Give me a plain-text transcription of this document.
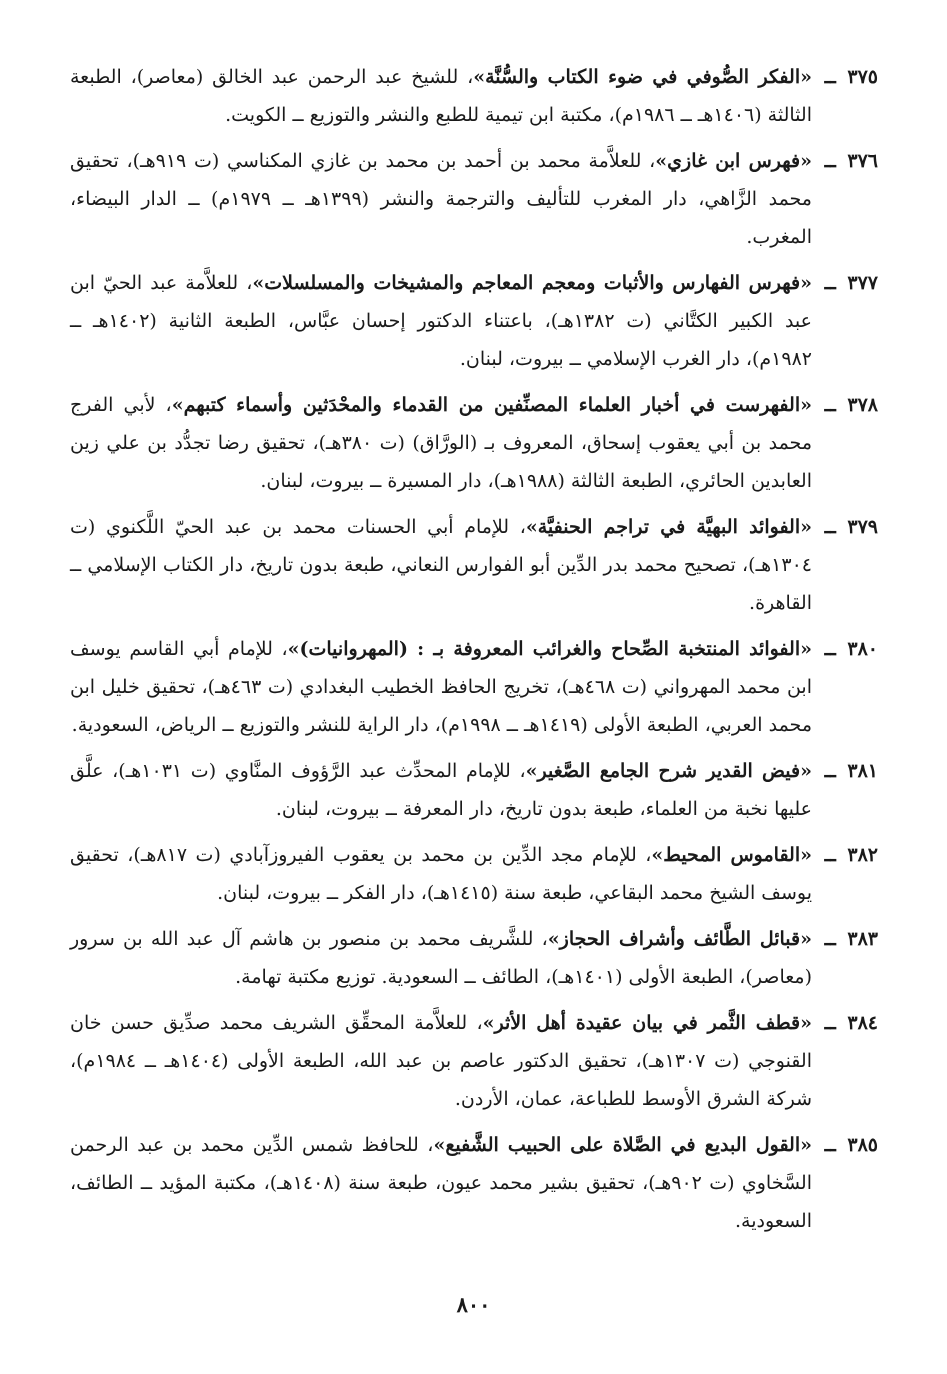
٣٧٥ ــ
«الفكر الصُّوفي في ضوء الكتاب والسُّنَّة»، للشيخ عبد الرحمن عبد الخالق (معاصر)، الطبعة الثالثة (١٤٠٦هـ ــ ١٩٨٦م)، مكتبة ابن تيمية للطبع والنشر والتوزيع ــ الكويت.
٣٧٦ ــ
«فهرس ابن غازي»، للعلاَّمة محمد بن أحمد بن محمد بن غازي المكناسي (ت ٩١٩هـ)، تحقيق محمد الزَّاهي، دار المغرب للتأليف والترجمة والنشر (١٣٩٩هـ ــ ١٩٧٩م) ــ الدار البيضاء، المغرب.
٣٧٧ ــ
«فهرس الفهارس والأثبات ومعجم المعاجم والمشيخات والمسلسلات»، للعلاَّمة عبد الحيّ ابن عبد الكبير الكتَّاني (ت ١٣٨٢هـ)، باعتناء الدكتور إحسان عبَّاس، الطبعة الثانية (١٤٠٢هـ ــ ١٩٨٢م)، دار الغرب الإسلامي ــ بيروت، لبنان.
٣٧٨ ــ
«الفهرست في أخبار العلماء المصنِّفين من القدماء والمحْدَثين وأسماء كتبهم»، لأبي الفرج محمد بن أبي يعقوب إسحاق، المعروف بـ (الورَّاق) (ت ٣٨٠هـ)، تحقيق رضا تجدُّد بن علي زين العابدين الحائري، الطبعة الثالثة (١٩٨٨هـ)، دار المسيرة ــ بيروت، لبنان.
٣٧٩ ــ
«الفوائد البهيَّة في تراجم الحنفيَّة»، للإمام أبي الحسنات محمد بن عبد الحيّ اللَّكنوي (ت ١٣٠٤هـ)، تصحيح محمد بدر الدِّين أبو الفوارس النعاني، طبعة بدون تاريخ، دار الكتاب الإسلامي ــ القاهرة.
٣٨٠ ــ
«الفوائد المنتخبة الصِّحاح والغرائب المعروفة بـ : (المهروانيات)»، للإمام أبي القاسم يوسف ابن محمد المهرواني (ت ٤٦٨هـ)، تخريج الحافظ الخطيب البغدادي (ت ٤٦٣هـ)، تحقيق خليل ابن محمد العربي، الطبعة الأولى (١٤١٩هـ ــ ١٩٩٨م)، دار الراية للنشر والتوزيع ــ الرياض، السعودية.
٣٨١ ــ
«فيض القدير شرح الجامع الصَّغير»، للإمام المحدِّث عبد الرَّؤوف المنَّاوي (ت ١٠٣١هـ)، علَّق عليها نخبة من العلماء، طبعة بدون تاريخ، دار المعرفة ــ بيروت، لبنان.
٣٨٢ ــ
«القاموس المحيط»، للإمام مجد الدِّين بن محمد بن يعقوب الفيروزآبادي (ت ٨١٧هـ)، تحقيق يوسف الشيخ محمد البقاعي، طبعة سنة (١٤١٥هـ)، دار الفكر ــ بيروت، لبنان.
٣٨٣ ــ
«قبائل الطَّائف وأشراف الحجاز»، للشَّريف محمد بن منصور بن هاشم آل عبد الله بن سرور (معاصر)، الطبعة الأولى (١٤٠١هـ)، الطائف ــ السعودية. توزيع مكتبة تهامة.
٣٨٤ ــ
«قطف الثَّمر في بيان عقيدة أهل الأثر»، للعلاَّمة المحقِّق الشريف محمد صدِّيق حسن خان القنوجي (ت ١٣٠٧هـ)، تحقيق الدكتور عاصم بن عبد الله، الطبعة الأولى (١٤٠٤هـ ــ ١٩٨٤م)، شركة الشرق الأوسط للطباعة، عمان، الأردن.
٣٨٥ ــ
«القول البديع في الصَّلاة على الحبيب الشَّفيع»، للحافظ شمس الدِّين محمد بن عبد الرحمن السَّخاوي (ت ٩٠٢هـ)، تحقيق بشير محمد عيون، طبعة سنة (١٤٠٨هـ)، مكتبة المؤيد ــ الطائف، السعودية.
٨٠٠
